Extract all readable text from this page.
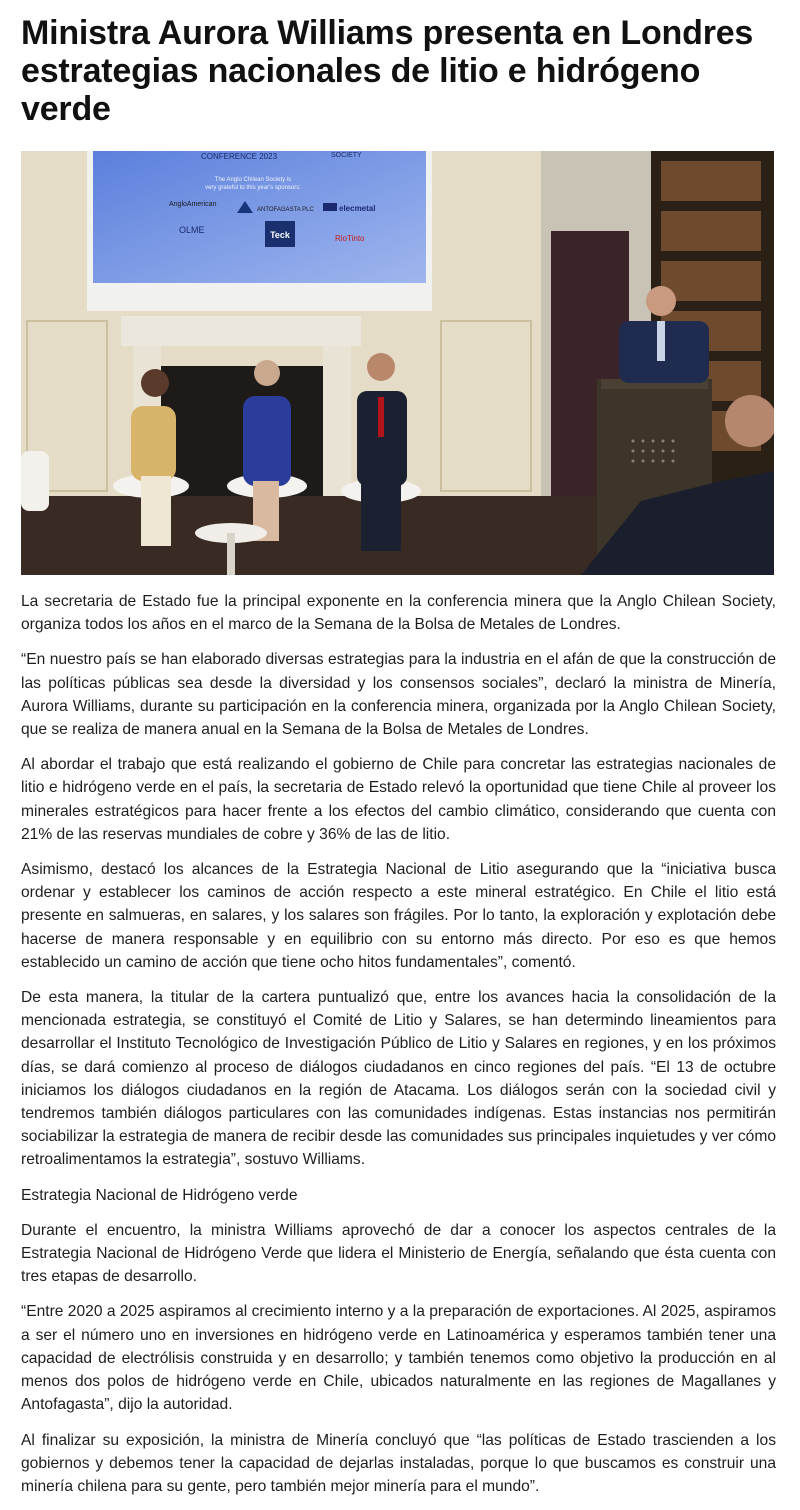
Ministra Aurora Williams presenta en Londres estrategias nacionales de litio e hidrógeno verde
CONFERENCE 2023	SOCIETY
The Anglo Chilean Society is
very grateful to this year's sponsors:
AngloAmerican
ANTOFAGASTA PLC	elecmetal
OLME	Teck	RioTinto

La secretaria de Estado fue la principal exponente en la conferencia minera que la Anglo Chilean Society, organiza todos los años en el marco de la Semana de la Bolsa de Metales de Londres.

“En nuestro país se han elaborado diversas estrategias para la industria en el afán de que la construcción de las políticas públicas sea desde la diversidad y los consensos sociales”, declaró la ministra de Minería, Aurora Williams, durante su participación en la conferencia minera, organizada por la Anglo Chilean Society, que se realiza de manera anual en la Semana de la Bolsa de Metales de Londres.

Al abordar el trabajo que está realizando el gobierno de Chile para concretar las estrategias nacionales de litio e hidrógeno verde en el país, la secretaria de Estado relevó la oportunidad que tiene Chile al proveer los minerales estratégicos para hacer frente a los efectos del cambio climático, considerando que cuenta con 21% de las reservas mundiales de cobre y 36% de las de litio.

Asimismo, destacó los alcances de la Estrategia Nacional de Litio asegurando que la “iniciativa busca ordenar y establecer los caminos de acción respecto a este mineral estratégico. En Chile el litio está presente en salmueras, en salares, y los salares son frágiles. Por lo tanto, la exploración y explotación debe hacerse de manera responsable y en equilibrio con su entorno más directo. Por eso es que hemos establecido un camino de acción que tiene ocho hitos fundamentales”, comentó.

De esta manera, la titular de la cartera puntualizó que, entre los avances hacia la consolidación de la mencionada estrategia, se constituyó el Comité de Litio y Salares, se han determindo lineamientos para desarrollar el Instituto Tecnológico de Investigación Público de Litio y Salares en regiones, y en los próximos días, se dará comienzo al proceso de diálogos ciudadanos en cinco regiones del país. “El 13 de octubre iniciamos los diálogos ciudadanos en la región de Atacama. Los diálogos serán con la sociedad civil y tendremos también diálogos particulares con las comunidades indígenas. Estas instancias nos permitirán sociabilizar la estrategia de manera de recibir desde las comunidades sus principales inquietudes y ver cómo retroalimentamos la estrategia”, sostuvo Williams.

Estrategia Nacional de Hidrógeno verde

Durante el encuentro, la ministra Williams aprovechó de dar a conocer los aspectos centrales de la Estrategia Nacional de Hidrógeno Verde que lidera el Ministerio de Energía, señalando que ésta cuenta con tres etapas de desarrollo.

“Entre 2020 a 2025 aspiramos al crecimiento interno y a la preparación de exportaciones. Al 2025, aspiramos a ser el número uno en inversiones en hidrógeno verde en Latinoamérica y esperamos también tener una capacidad de electrólisis construida y en desarrollo; y también tenemos como objetivo la producción en al menos dos polos de hidrógeno verde en Chile, ubicados naturalmente en las regiones de Magallanes y Antofagasta”, dijo la autoridad.

Al finalizar su exposición, la ministra de Minería concluyó que “las políticas de Estado trascienden a los gobiernos y debemos tener la capacidad de dejarlas instaladas, porque lo que buscamos es construir una minería chilena para su gente, pero también mejor minería para el mundo”.
